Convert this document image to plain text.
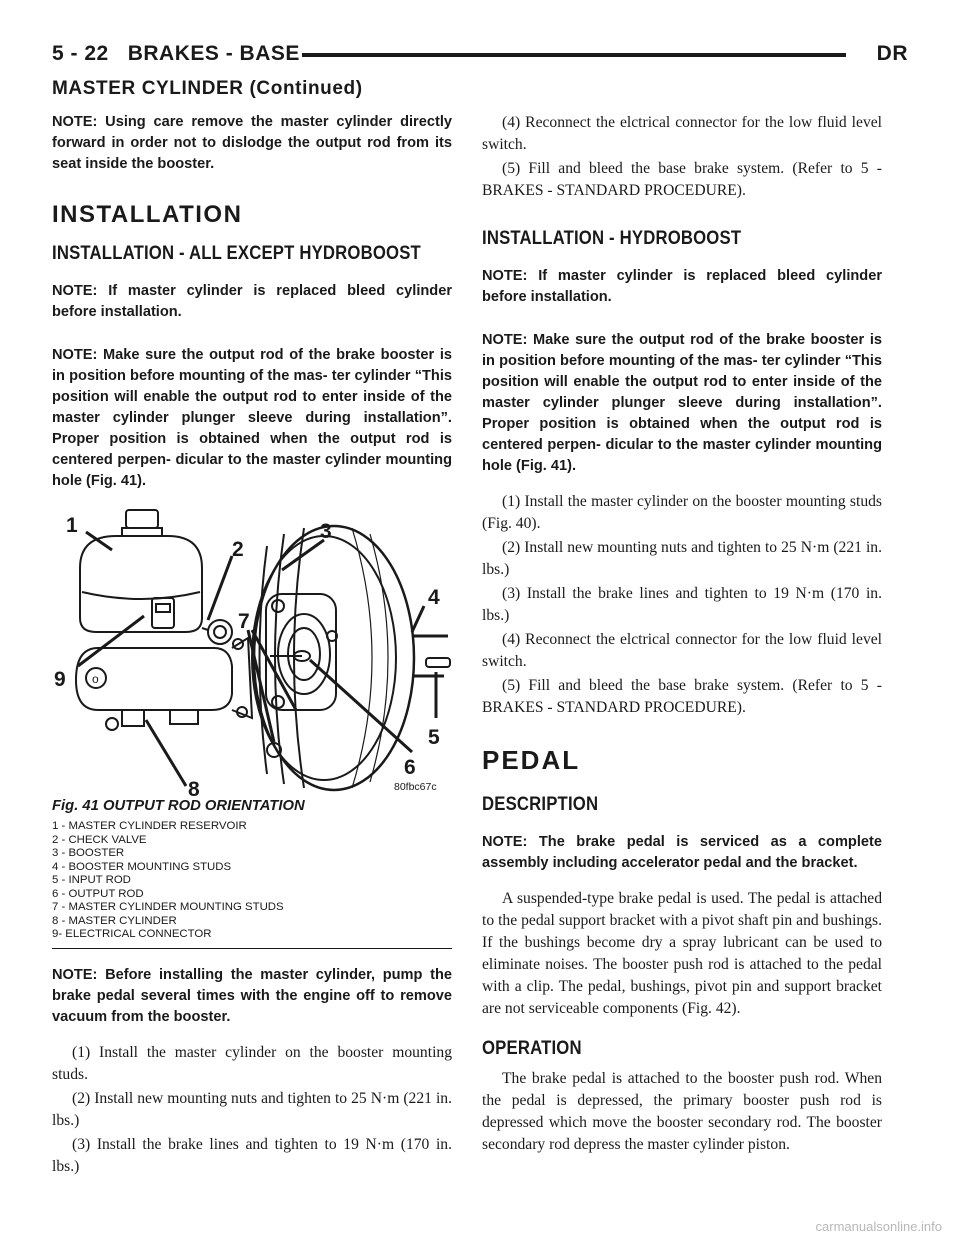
5 - 22 BRAKES - BASE	DR
MASTER CYLINDER (Continued)

NOTE: Using care remove the master cylinder directly forward in order not to dislodge the output rod from its seat inside the booster.

INSTALLATION
INSTALLATION - ALL EXCEPT HYDROBOOST

NOTE: If master cylinder is replaced bleed cylinder before installation.

NOTE: Make sure the output rod of the brake booster is in position before mounting of the mas- ter cylinder “This position will enable the output rod to enter inside of the master cylinder plunger sleeve during installation”. Proper position is obtained when the output rod is centered perpen- dicular to the master cylinder mounting hole (Fig. 41).

o
1
2
3
4
5
6
7
8
9
80fbc67c
Fig. 41 OUTPUT ROD ORIENTATION

1 - MASTER CYLINDER RESERVOIR

2 - CHECK VALVE

3 - BOOSTER

4 - BOOSTER MOUNTING STUDS

5 - INPUT ROD

6 - OUTPUT ROD

7 - MASTER CYLINDER MOUNTING STUDS

8 - MASTER CYLINDER

9- ELECTRICAL CONNECTOR

NOTE: Before installing the master cylinder, pump the brake pedal several times with the engine off to remove vacuum from the booster.

(1) Install the master cylinder on the booster mounting studs.

(2) Install new mounting nuts and tighten to 25 N·m (221 in. lbs.)

(3) Install the brake lines and tighten to 19 N·m (170 in. lbs.)

(4) Reconnect the elctrical connector for the low fluid level switch.

(5) Fill and bleed the base brake system. (Refer to 5 - BRAKES - STANDARD PROCEDURE).

INSTALLATION - HYDROBOOST

NOTE: If master cylinder is replaced bleed cylinder before installation.

NOTE: Make sure the output rod of the brake booster is in position before mounting of the mas- ter cylinder “This position will enable the output rod to enter inside of the master cylinder plunger sleeve during installation”. Proper position is obtained when the output rod is centered perpen- dicular to the master cylinder mounting hole (Fig. 41).

(1) Install the master cylinder on the booster mounting studs (Fig. 40).

(2) Install new mounting nuts and tighten to 25 N·m (221 in. lbs.)

(3) Install the brake lines and tighten to 19 N·m (170 in. lbs.)

(4) Reconnect the elctrical connector for the low fluid level switch.

(5) Fill and bleed the base brake system. (Refer to 5 - BRAKES - STANDARD PROCEDURE).

PEDAL
DESCRIPTION

NOTE: The brake pedal is serviced as a complete assembly including accelerator pedal and the bracket.

A suspended-type brake pedal is used. The pedal is attached to the pedal support bracket with a pivot shaft pin and bushings. If the bushings become dry a spray lubricant can be used to eliminate noises. The booster push rod is attached to the pedal with a clip. The pedal, bushings, pivot pin and support bracket are not serviceable components (Fig. 42).

OPERATION

The brake pedal is attached to the booster push rod. When the pedal is depressed, the primary booster push rod is depressed which move the booster secondary rod. The booster secondary rod depress the master cylinder piston.

carmanualsonline.info
